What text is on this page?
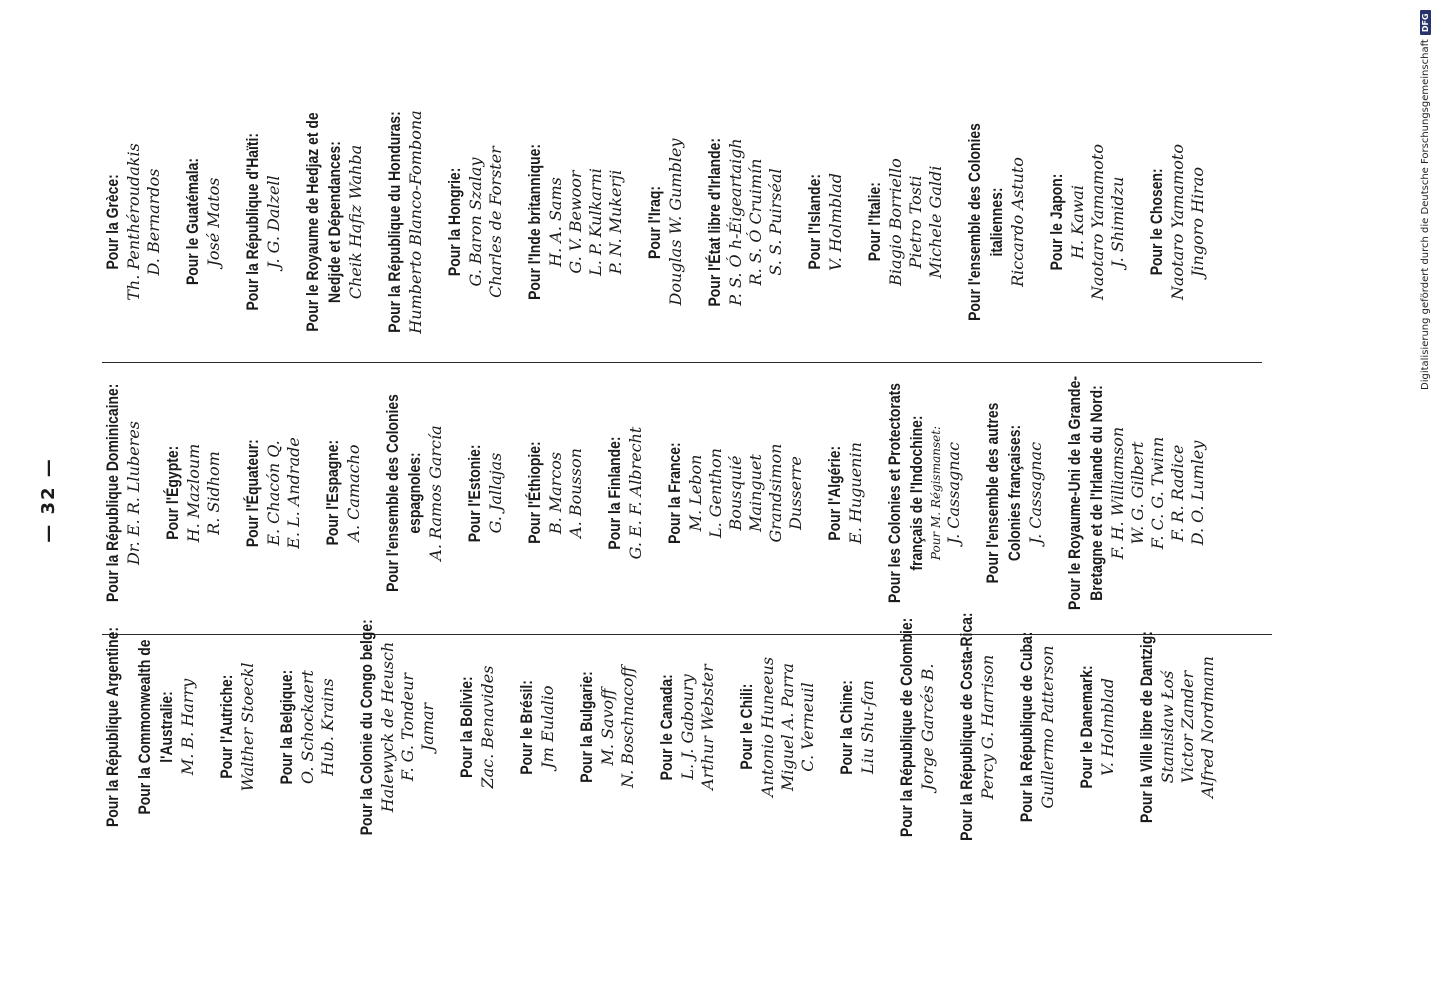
— 32 —
Pour la République Argentine: Pour la Commonwealth de l'Australie: M. B. Harry Pour l'Autriche: Walther Stoeckl Pour la Belgique: O. Schockaert Hub. Krains Pour la Colonie du Congo belge: Halewyck de Heusch F. G. Tondeur Jamar Pour la Bolivie: Zac. Benavides Pour le Brésil: Jm Eulalio Pour la Bulgarie: M. Savoff N. Boschnacoff Pour le Canada: L. J. Gaboury Arthur Webster Pour le Chili: Antonio Huneeus Miguel A. Parra C. Verneuil Pour la Chine: Liu Shu-fan Pour la République de Colombie: Jorge Garcés B. Pour la République de Costa-Rica: Percy G. Harrison Pour la République de Cuba: Guillermo Patterson Pour le Danemark: V. Holmblad Pour la Ville libre de Dantzig: Stanisław Łoś Victor Zander Alfred Nordmann
Pour la République Dominicaine: Dr. E. R. Lluberes Pour l'Égypte: H. Mazloum R. Sidhom Pour l'Équateur: E. Chacón Q. E. L. Andrade Pour l'Espagne: A. Camacho Pour l'ensemble des Colonies espagnoles: A. Ramos García Pour l'Estonie: G. Jallajas Pour l'Éthiopie: B. Marcos A. Bousson Pour la Finlande: G. E. F. Albrecht Pour la France: M. Lebon L. Genthon Bousquié Mainguet Grandsimon Dusserre Pour l'Algérie: E. Huguenin Pour les Colonies et Protectorats français de l'Indochine: Pour M. Régismanset: J. Cassagnac Pour l'ensemble des autres Colonies françaises: J. Cassagnac Pour le Royaume-Uni de la Grande-Bretagne et de l'Irlande du Nord: F. H. Williamson W. G. Gilbert F. C. G. Twinn F. R. Radice D. O. Lumley
Pour la Grèce: Th. Penthéroudakis D. Bernardos Pour le Guatémala: José Matos Pour la République d'Haïti: J. G. Dalzell Pour le Royaume de Hedjaz et de Nedjde et Dépendances: Cheik Hafiz Wahba Pour la République du Honduras: Humberto Blanco-Fombona Pour la Hongrie: G. Baron Szalay Charles de Forster Pour l'Inde britannique: H. A. Sams G. V. Bewoor L. P. Kulkarni P. N. Mukerji Pour l'Iraq: Douglas W. Gumbley Pour l'État libre d'Irlande: P. S. Ó h-Éigeartaigh R. S. Ó Cruimín S. S. Puirséal Pour l'Islande: V. Holmblad Pour l'Italie: Biagio Borriello Pietro Tosti Michele Galdi Pour l'ensemble des Colonies italiennes: Riccardo Astuto Pour le Japon: H. Kawai Naotaro Yamamoto J. Shimidzu Pour le Chosen: Naotaro Yamamoto Jingoro Hirao	Digitalisierung gefördert durch die Deutsche Forschungsgemeinschaft
DFG
